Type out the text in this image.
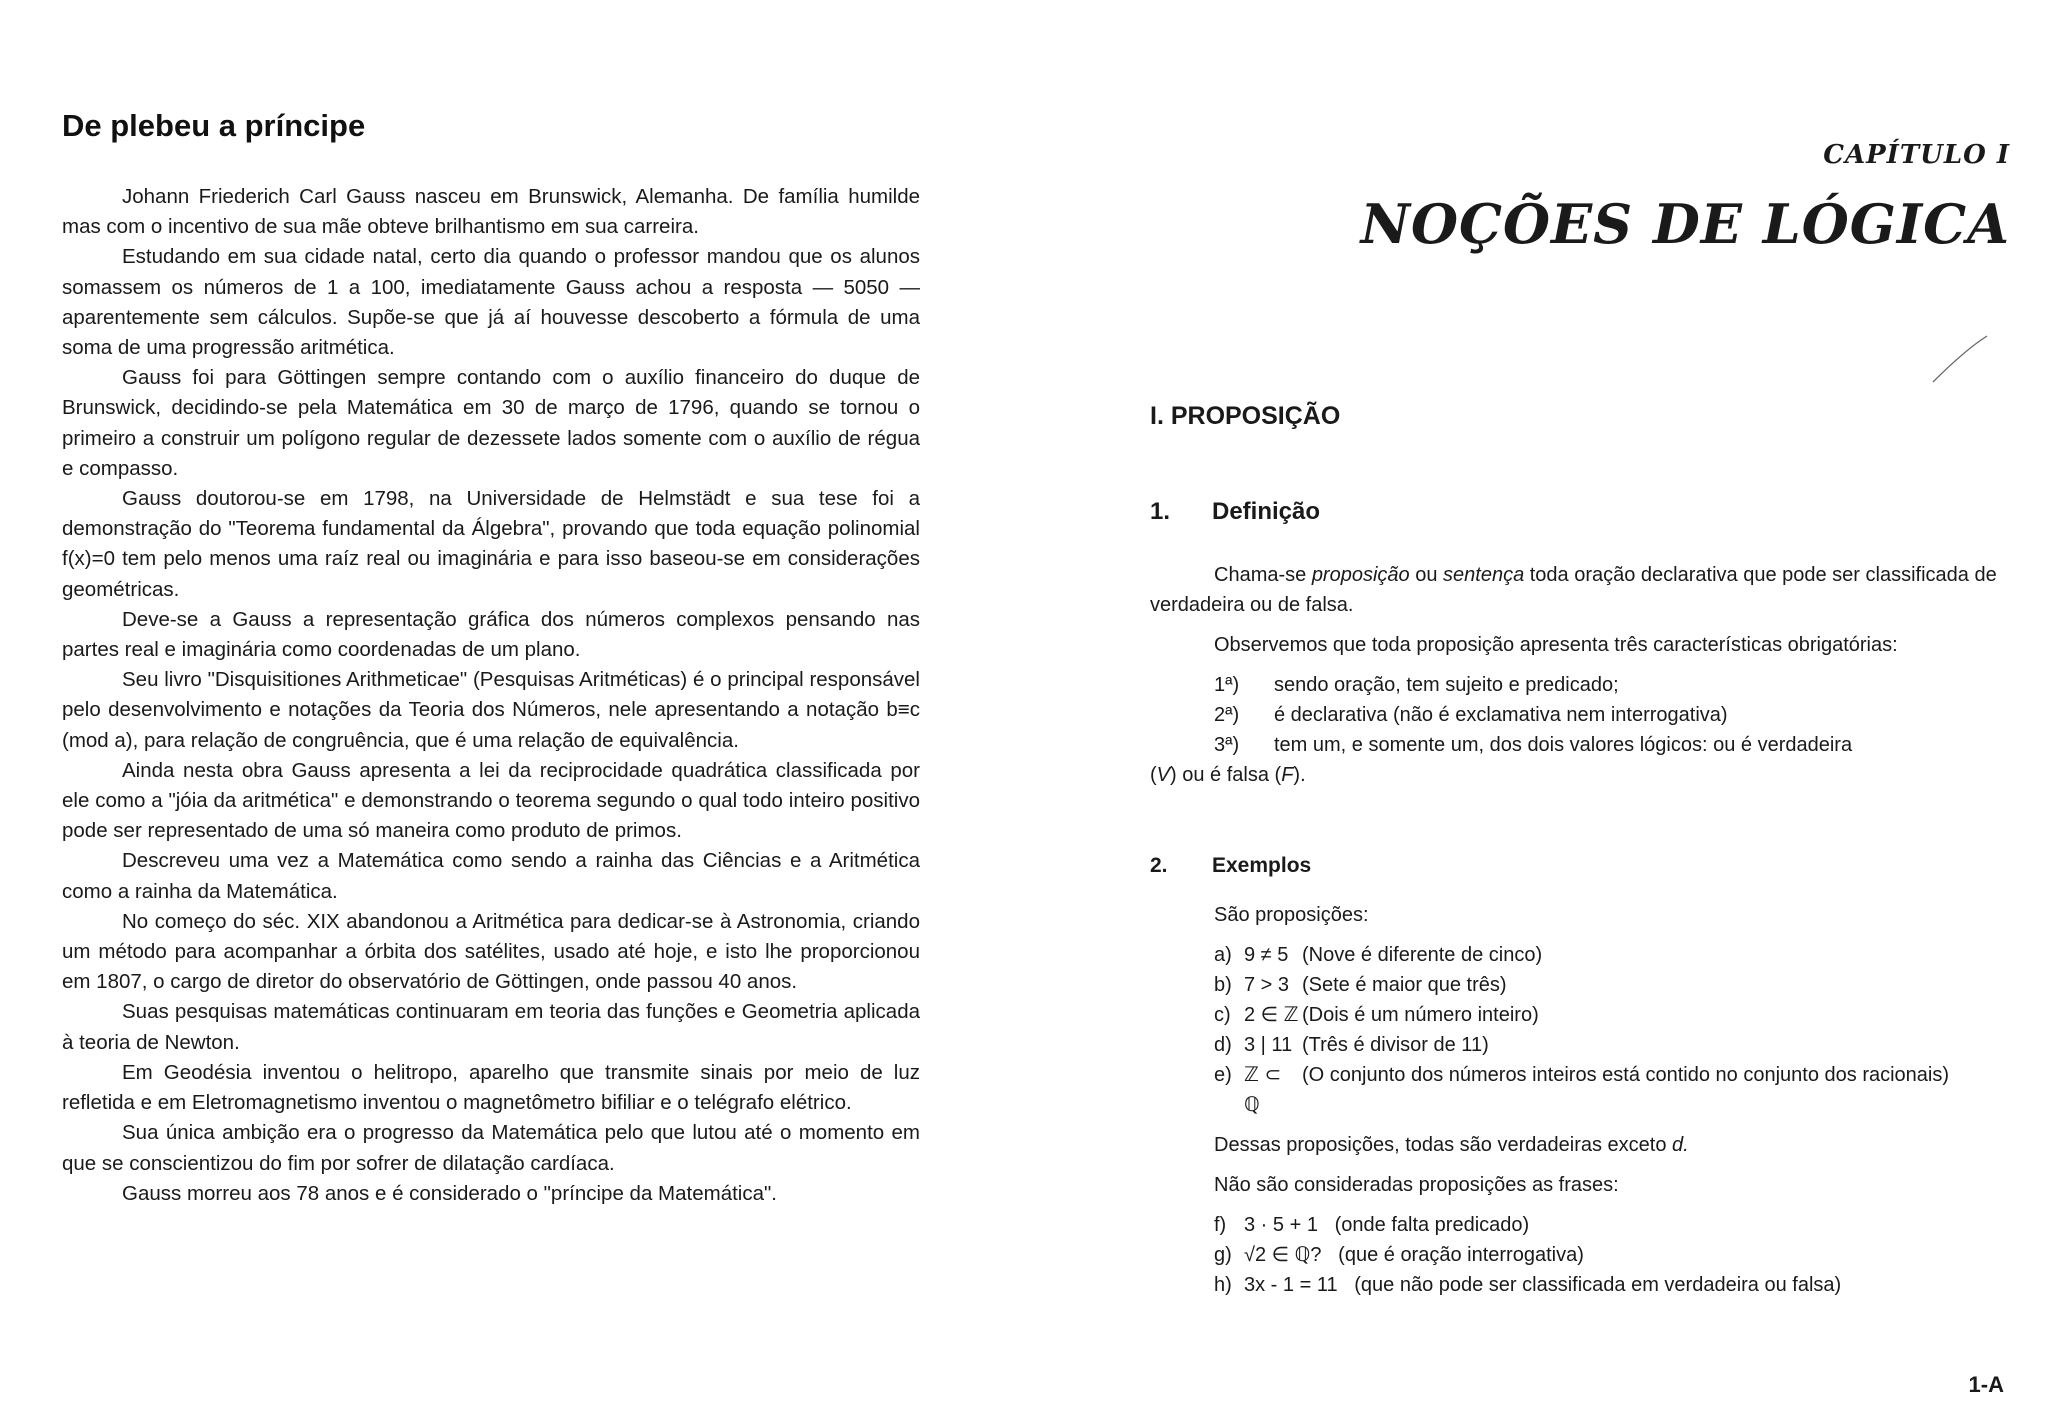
De plebeu a príncipe

Johann Friederich Carl Gauss nasceu em Brunswick, Alemanha. De família humilde mas com o incentivo de sua mãe obteve brilhantismo em sua carreira.

Estudando em sua cidade natal, certo dia quando o professor mandou que os alunos somassem os números de 1 a 100, imediatamente Gauss achou a resposta — 5050 — aparentemente sem cálculos. Supõe-se que já aí houvesse descoberto a fórmula de uma soma de uma progressão aritmética.

Gauss foi para Göttingen sempre contando com o auxílio financeiro do duque de Brunswick, decidindo-se pela Matemática em 30 de março de 1796, quando se tornou o primeiro a construir um polígono regular de dezessete lados somente com o auxílio de régua e compasso.

Gauss doutorou-se em 1798, na Universidade de Helmstädt e sua tese foi a demonstração do "Teorema fundamental da Álgebra", provando que toda equação polinomial f(x)=0 tem pelo menos uma raíz real ou imaginária e para isso baseou-se em considerações geométricas.

Deve-se a Gauss a representação gráfica dos números complexos pensando nas partes real e imaginária como coordenadas de um plano.

Seu livro "Disquisitiones Arithmeticae" (Pesquisas Aritméticas) é o principal responsável pelo desenvolvimento e notações da Teoria dos Números, nele apresentando a notação b≡c (mod a), para relação de congruência, que é uma relação de equivalência.

Ainda nesta obra Gauss apresenta a lei da reciprocidade quadrática classificada por ele como a "jóia da aritmética" e demonstrando o teorema segundo o qual todo inteiro positivo pode ser representado de uma só maneira como produto de primos.

Descreveu uma vez a Matemática como sendo a rainha das Ciências e a Aritmética como a rainha da Matemática.

No começo do séc. XIX abandonou a Aritmética para dedicar-se à Astronomia, criando um método para acompanhar a órbita dos satélites, usado até hoje, e isto lhe proporcionou em 1807, o cargo de diretor do observatório de Göttingen, onde passou 40 anos.

Suas pesquisas matemáticas continuaram em teoria das funções e Geometria aplicada à teoria de Newton.

Em Geodésia inventou o helitropo, aparelho que transmite sinais por meio de luz refletida e em Eletromagnetismo inventou o magnetômetro bifiliar e o telégrafo elétrico.

Sua única ambição era o progresso da Matemática pelo que lutou até o momento em que se conscientizou do fim por sofrer de dilatação cardíaca.

Gauss morreu aos 78 anos e é considerado o "príncipe da Matemática".

CAPÍTULO I

NOÇÕES DE LÓGICA

I. PROPOSIÇÃO

1. Definição

Chama-se proposição ou sentença toda oração declarativa que pode ser classificada de verdadeira ou de falsa.

Observemos que toda proposição apresenta três características obrigatórias:

1ª) sendo oração, tem sujeito e predicado;

2ª) é declarativa (não é exclamativa nem interrogativa)

3ª) tem um, e somente um, dos dois valores lógicos: ou é verdadeira

(V) ou é falsa (F).

2. Exemplos

São proposições:

a) 9 ≠ 5 (Nove é diferente de cinco)
b) 7 > 3 (Sete é maior que três)
c) 2 ∈ ℤ (Dois é um número inteiro)
d) 3 | 11 (Três é divisor de 11)
e) ℤ ⊂ ℚ
(O conjunto dos números inteiros está contido no conjunto dos racionais)

Dessas proposições, todas são verdadeiras exceto d.

Não são consideradas proposições as frases:

f) 3 · 5 + 1 (onde falta predicado)

g) √2 ∈ ℚ? (que é oração interrogativa)

h) 3x - 1 = 11 (que não pode ser classificada em verdadeira ou falsa)

1-A
